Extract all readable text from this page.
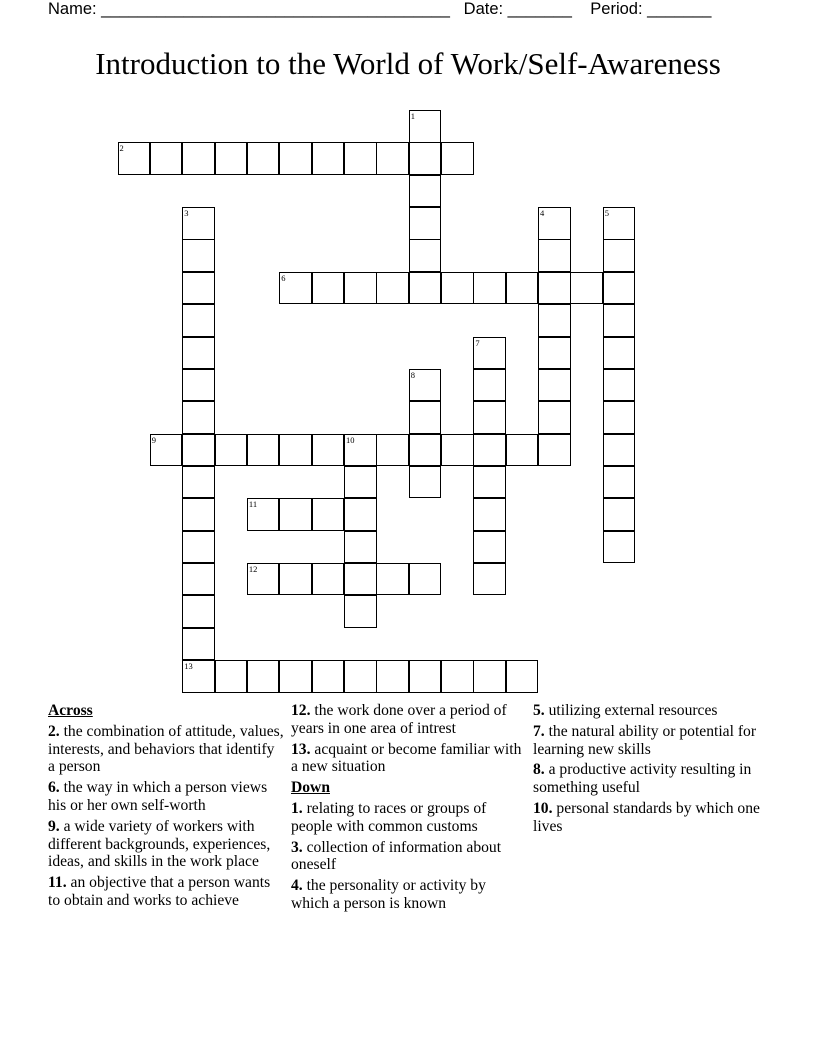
Name: ______________________________________ Date: _______ Period: _______
Introduction to the World of Work/Self-Awareness
1
2
3
13
4	5
6
7
8
9	10
11
12
Across
2. the combination of attitude, values, interests, and behaviors that identify a person
6. the way in which a person views his or her own self-worth
9. a wide variety of workers with different backgrounds, experiences, ideas, and skills in the work place
11. an objective that a person wants to obtain and works to achieve
12. the work done over a period of years in one area of intrest
13. acquaint or become familiar with a new situation
Down
1. relating to races or groups of people with common customs
3. collection of information about oneself
4. the personality or activity by which a person is known
5. utilizing external resources
7. the natural ability or potential for learning new skills
8. a productive activity resulting in something useful
10. personal standards by which one lives
